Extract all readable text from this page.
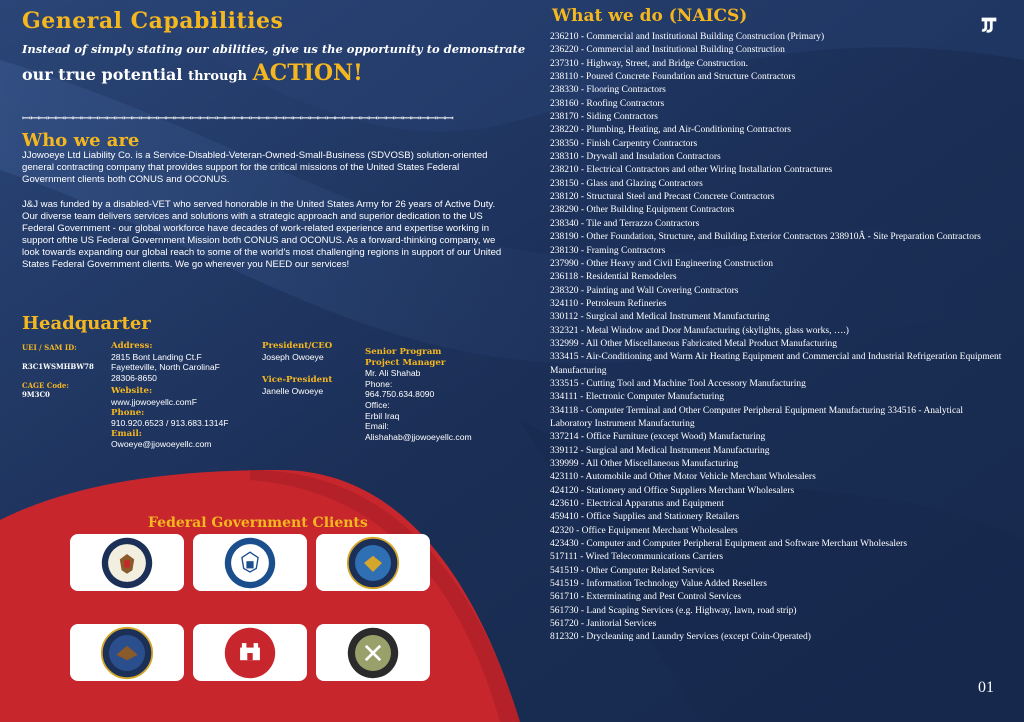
General Capabilities
Instead of simply stating our abilities, give us the opportunity to demonstrate
our true potential through ACTION!
ꟷꟷꟷꟷꟷꟷꟷꟷꟷꟷꟷꟷꟷꟷꟷꟷꟷꟷꟷꟷꟷꟷꟷꟷꟷꟷꟷꟷꟷꟷꟷꟷꟷꟷꟷꟷꟷꟷꟷꟷꟷꟷꟷꟷꟷꟷꟷꟷꟷꟷꟷ
Who we are
JJowoeye Ltd Liability Co. is a Service-Disabled-Veteran-Owned-Small-Business (SDVOSB) solution-oriented general contracting company that provides support for the critical missions of the United States Federal Government clients both CONUS and OCONUS.
J&J was funded by a disabled-VET who served honorable in the United States Army for 26 years of Active Duty. Our diverse team delivers services and solutions with a strategic approach and superior dedication to the US Federal Government - our global workforce have decades of work-related experience and expertise working in support ofthe US Federal Government Mission both CONUS and OCONUS. As a forward-thinking company, we look towards expanding our global reach to some of the world’s most challenging regions in support of our United States Federal Government clients. We go wherever you NEED our services!
Headquarter
UEI / SAM ID:
R3C1WSMHBW78
CAGE Code:
9M3C0
Address:
2815 Bont Landing Ct.F
Fayetteville, North CarolinaF
28306-8650
Website:
www.jjowoeyellc.comF
Phone:
910.920.6523 / 913.683.1314F
Email:
Owoeye@jjowoeyellc.com
President/CEO
Joseph Owoeye
Vice-President
Janelle Owoeye
Senior Program
Project Manager
Mr. Ali Shahab
Phone:
964.750.634.8090
Office:
Erbil Iraq
Email:
Alishahab@jjowoeyellc.com
Federal Government Clients
What we do (NAICS)
236210 - Commercial and Institutional Building Construction (Primary)
236220 - Commercial and Institutional Building Construction
237310 - Highway, Street, and Bridge Construction.
238110 - Poured Concrete Foundation and Structure Contractors
238330 - Flooring Contractors
238160 - Roofing Contractors
238170 - Siding Contractors
238220 - Plumbing, Heating, and Air-Conditioning Contractors
238350 - Finish Carpentry Contractors
238310 - Drywall and Insulation Contractors
238210 - Electrical Contractors and other Wiring Installation Contractures
238150 - Glass and Glazing Contractors
238120 - Structural Steel and Precast Concrete Contractors
238290 - Other Building Equipment Contractors
238340 - Tile and Terrazzo Contractors
238190 - Other Foundation, Structure, and Building Exterior Contractors 238910Â - Site Preparation Contractors
238130 - Framing Contractors
237990 - Other Heavy and Civil Engineering Construction
236118 - Residential Remodelers
238320 - Painting and Wall Covering Contractors
324110 - Petroleum Refineries
330112 - Surgical and Medical Instrument Manufacturing
332321 - Metal Window and Door Manufacturing (skylights, glass works, ….)
332999 - All Other Miscellaneous Fabricated Metal Product Manufacturing
333415 - Air-Conditioning and Warm Air Heating Equipment and Commercial and Industrial Refrigeration Equipment Manufacturing
333515 - Cutting Tool and Machine Tool Accessory Manufacturing
334111 - Electronic Computer Manufacturing
334118 - Computer Terminal and Other Computer Peripheral Equipment Manufacturing 334516 - Analytical Laboratory Instrument Manufacturing
337214 - Office Furniture (except Wood) Manufacturing
339112 - Surgical and Medical Instrument Manufacturing
339999 - All Other Miscellaneous Manufacturing
423110 - Automobile and Other Motor Vehicle Merchant Wholesalers
424120 - Stationery and Office Suppliers Merchant Wholesalers
423610 - Electrical Apparatus and Equipment
459410 - Office Supplies and Stationery Retailers
42320 - Office Equipment Merchant Wholesalers
423430 - Computer and Computer Peripheral Equipment and Software Merchant Wholesalers
517111 - Wired Telecommunications Carriers
541519 - Other Computer Related Services
541519 - Information Technology Value Added Resellers
561710 - Exterminating and Pest Control Services
561730 - Land Scaping Services (e.g. Highway, lawn, road strip)
561720 - Janitorial Services
812320 - Drycleaning and Laundry Services (except Coin-Operated)
01
